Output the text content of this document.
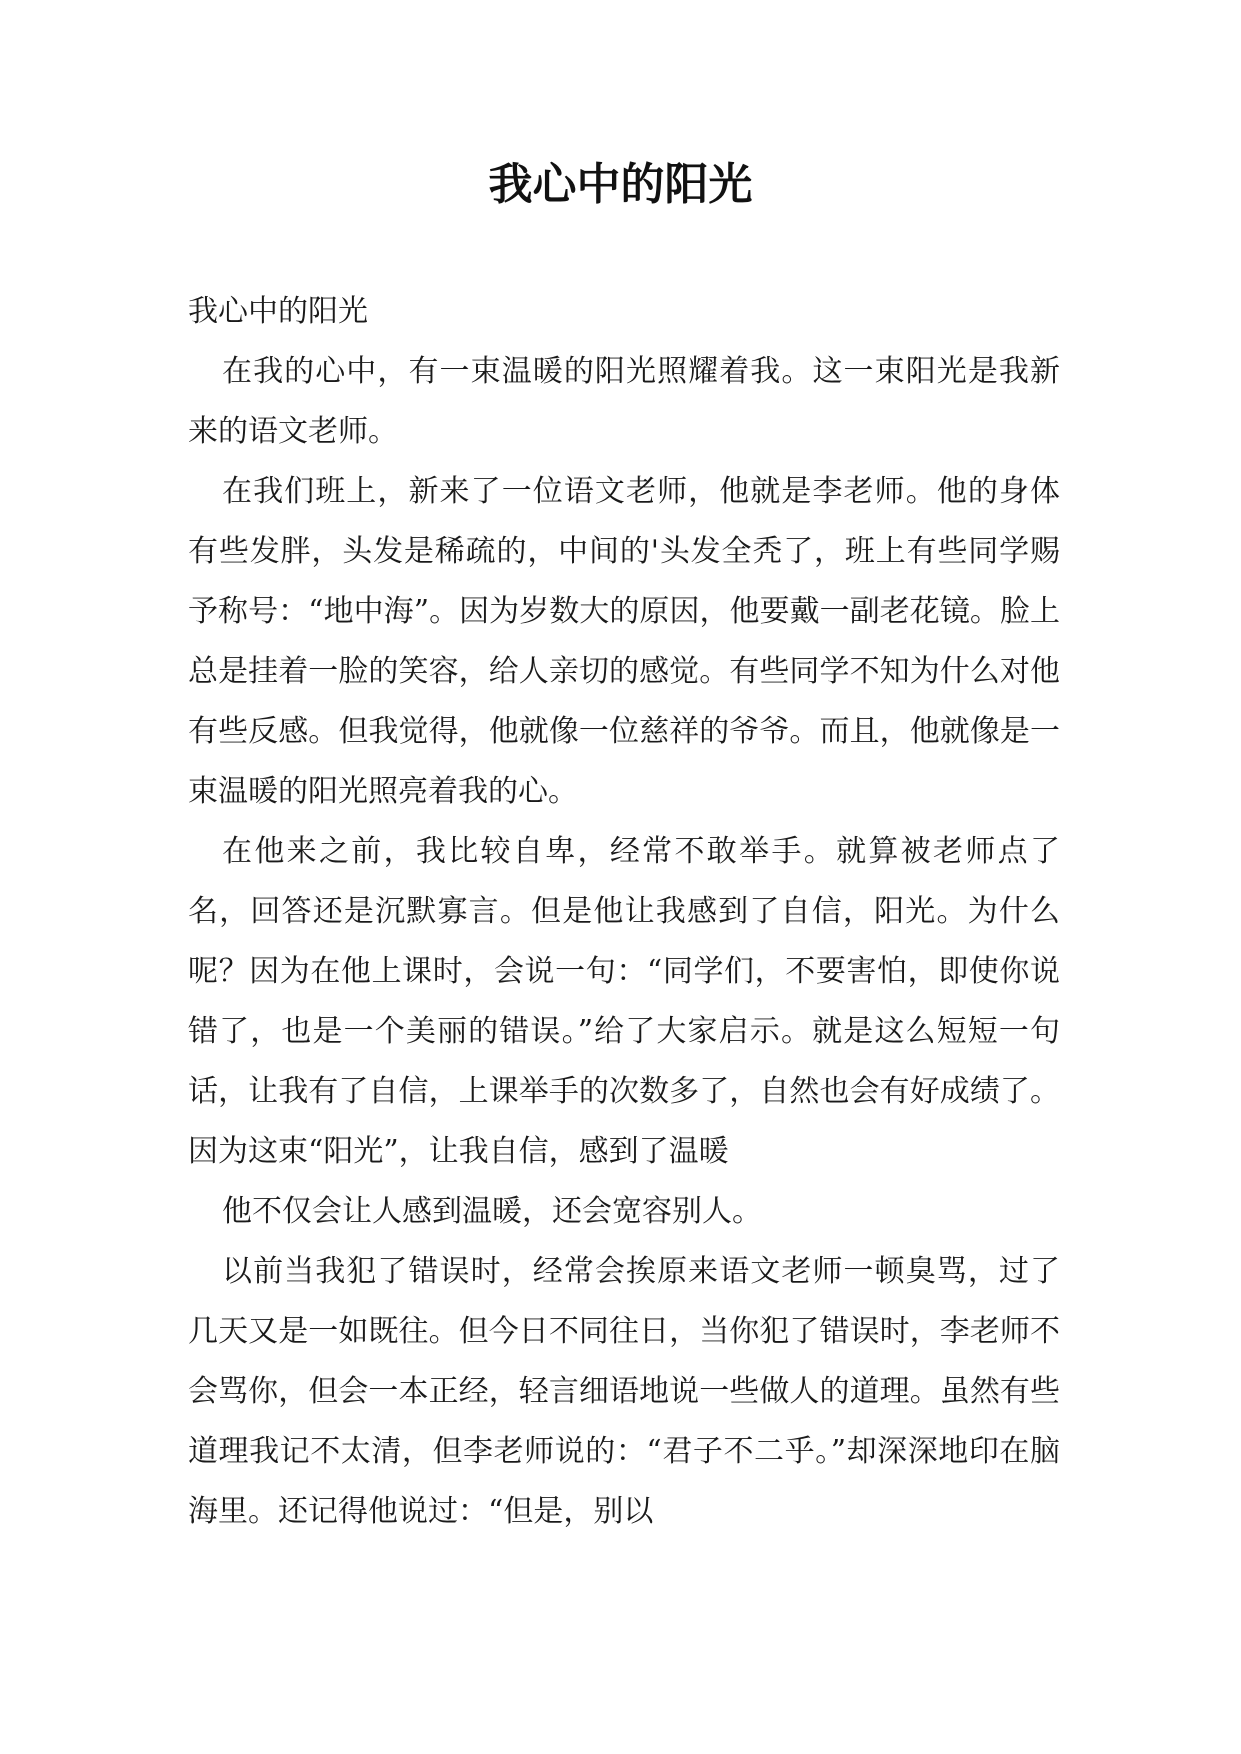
我心中的阳光

我心中的阳光

在我的心中，有一束温暖的阳光照耀着我。这一束阳光是我新来的语文老师。

在我们班上，新来了一位语文老师，他就是李老师。他的身体有些发胖，头发是稀疏的，中间的'头发全秃了，班上有些同学赐予称号：“地中海”。因为岁数大的原因，他要戴一副老花镜。脸上总是挂着一脸的笑容，给人亲切的感觉。有些同学不知为什么对他有些反感。但我觉得，他就像一位慈祥的爷爷。而且，他就像是一束温暖的阳光照亮着我的心。

在他来之前，我比较自卑，经常不敢举手。就算被老师点了名，回答还是沉默寡言。但是他让我感到了自信，阳光。为什么呢？因为在他上课时，会说一句：“同学们，不要害怕，即使你说错了，也是一个美丽的错误。”给了大家启示。就是这么短短一句话，让我有了自信，上课举手的次数多了，自然也会有好成绩了。因为这束“阳光”，让我自信，感到了温暖

他不仅会让人感到温暖，还会宽容别人。

以前当我犯了错误时，经常会挨原来语文老师一顿臭骂，过了几天又是一如既往。但今日不同往日，当你犯了错误时，李老师不会骂你，但会一本正经，轻言细语地说一些做人的道理。虽然有些道理我记不太清，但李老师说的：“君子不二乎。”却深深地印在脑海里。还记得他说过：“但是，别以
